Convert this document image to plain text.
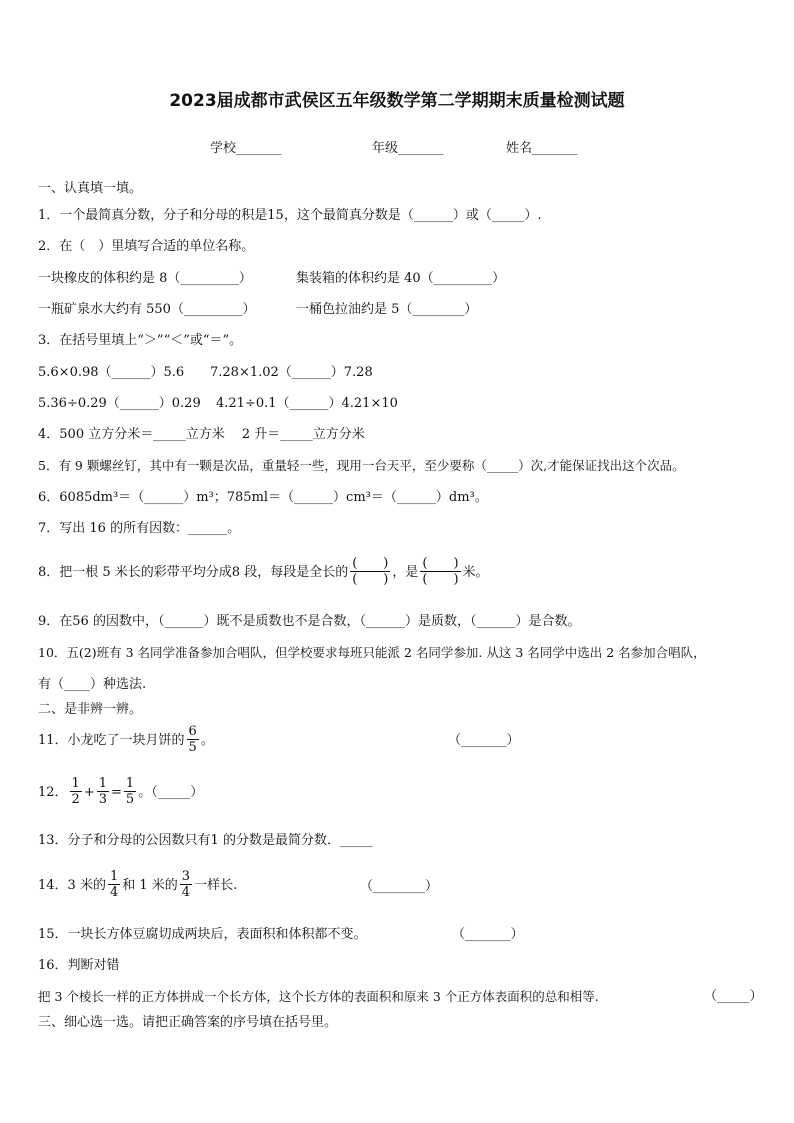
2023届成都市武侯区五年级数学第二学期期末质量检测试题
学校_______	年级_______	姓名_______
一、认真填一填。
1．一个最简真分数，分子和分母的积是15，这个最简真分数是（______）或（_____）.
2．在（　）里填写合适的单位名称。
一块橡皮的体积约是 8（_________）	集装箱的体积约是 40（_________）
一瓶矿泉水大约有 550（_________）	一桶色拉油约是 5（________）
3．在括号里填上“＞”“＜”或“＝”。
5.6×0.98（______）5.6 7.28×1.02（______）7.28
5.36÷0.29（______）0.29 4.21÷0.1（______）4.21×10
4．500 立方分米＝_____立方米　 2 升＝_____立方分米
5．有 9 颗螺丝钉，其中有一颗是次品，重量轻一些，现用一台天平，至少要称（_____）次,才能保证找出这个次品。
6．6085dm³＝（______）m³；785ml＝（______）cm³＝（______）dm³。
7．写出 16 的所有因数：______。
8．把一根 5 米长的彩带平均分成8 段，每段是全长的 $\frac{( )}{( )}$ ，是 $\frac{( )}{( )}$ 米。
9．在56 的因数中，（______）既不是质数也不是合数，（______）是质数，（______）是合数。
10．五(2)班有 3 名同学准备参加合唱队，但学校要求每班只能派 2 名同学参加. 从这 3 名同学中选出 2 名参加合唱队，
有（____）种选法.
二、是非辨一辨。
11．小龙吃了一块月饼的 $\frac{6}{5}$ 。	（_______）
12． $\frac{1}{2} + \frac{1}{3} = \frac{1}{5}$ 。（_____）
13．分子和分母的公因数只有1 的分数是最简分数．_____
14．3 米的 $\frac{1}{4}$ 和 1 米的 $\frac{3}{4}$ 一样长.	（________）
15．一块长方体豆腐切成两块后，表面积和体积都不变。	（_______）
16．判断对错
把 3 个棱长一样的正方体拼成一个长方体，这个长方体的表面积和原来 3 个正方体表面积的总和相等.	（_____）
三、细心选一选。请把正确答案的序号填在括号里。
